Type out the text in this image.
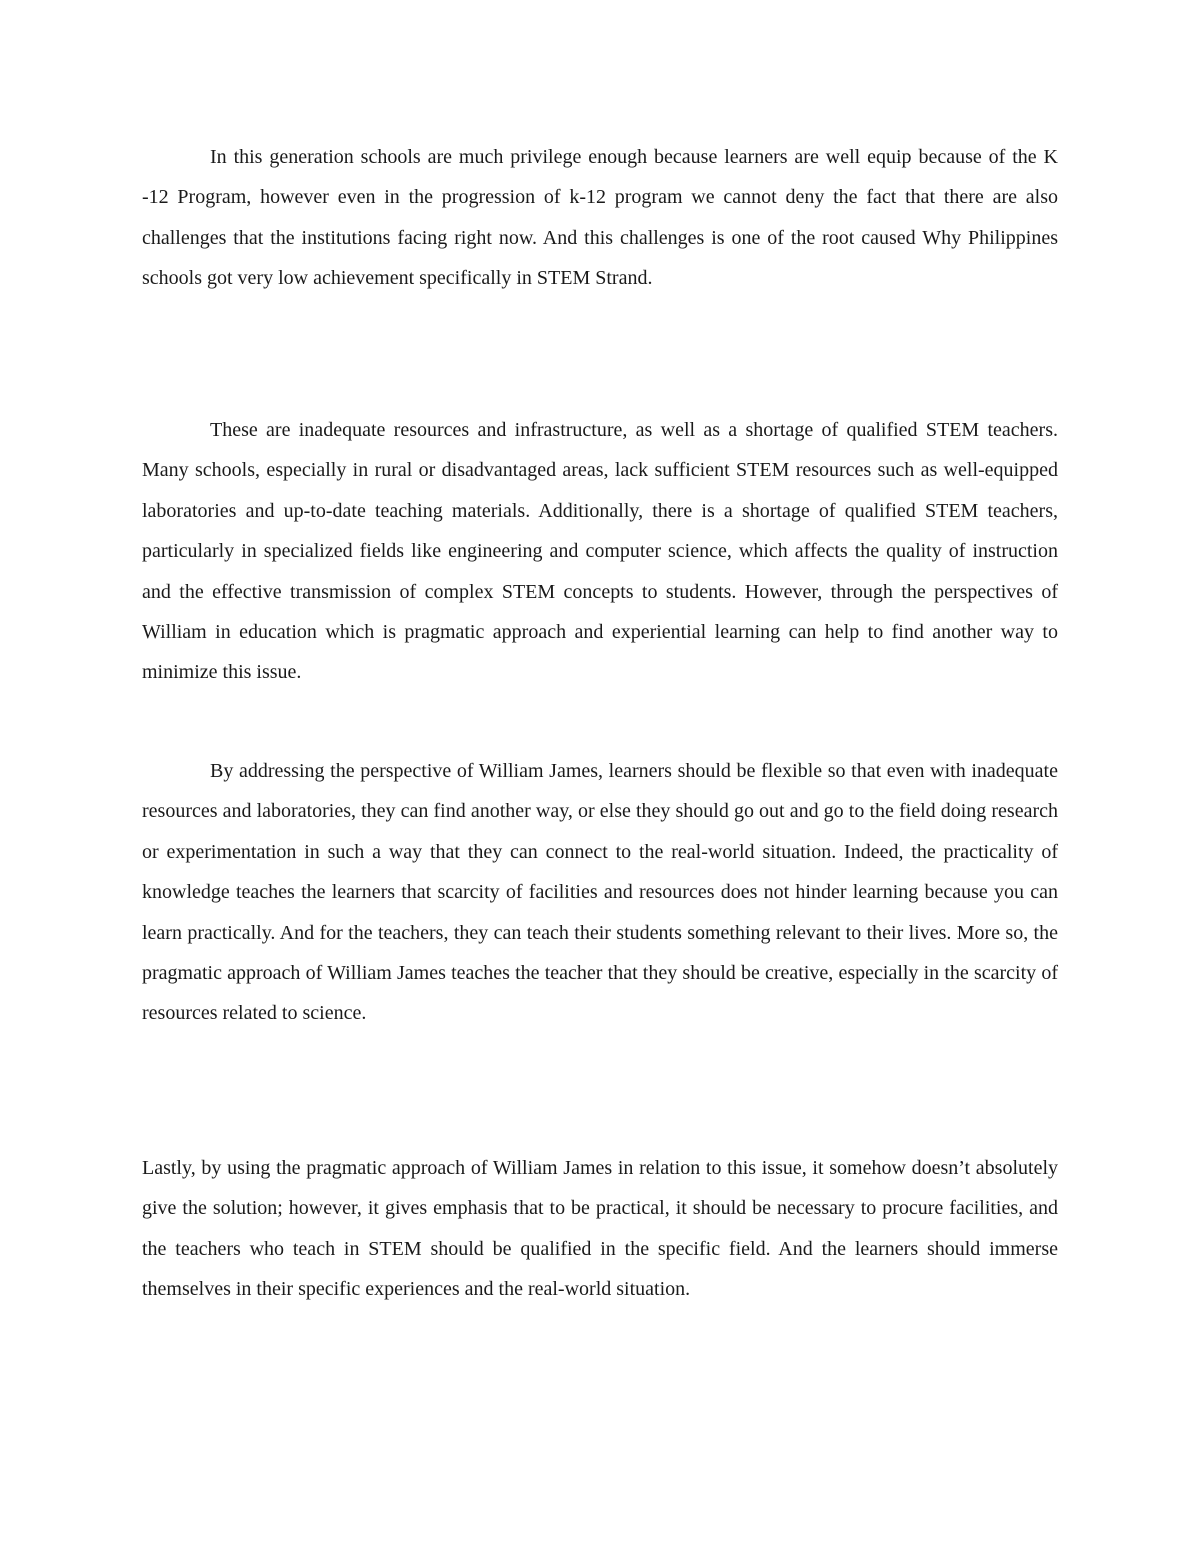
In this generation schools are much privilege enough because learners are well equip because of the K -12 Program, however even in the progression of k-12 program we cannot deny the fact that there are also challenges that the institutions facing right now. And this challenges is one of the root caused Why Philippines schools got very low achievement specifically in STEM Strand.

These are inadequate resources and infrastructure, as well as a shortage of qualified STEM teachers. Many schools, especially in rural or disadvantaged areas, lack sufficient STEM resources such as well-equipped laboratories and up-to-date teaching materials. Additionally, there is a shortage of qualified STEM teachers, particularly in specialized fields like engineering and computer science, which affects the quality of instruction and the effective transmission of complex STEM concepts to students. However, through the perspectives of William in education which is pragmatic approach and experiential learning can help to find another way to minimize this issue.

By addressing the perspective of William James, learners should be flexible so that even with inadequate resources and laboratories, they can find another way, or else they should go out and go to the field doing research or experimentation in such a way that they can connect to the real-world situation. Indeed, the practicality of knowledge teaches the learners that scarcity of facilities and resources does not hinder learning because you can learn practically. And for the teachers, they can teach their students something relevant to their lives. More so, the pragmatic approach of William James teaches the teacher that they should be creative, especially in the scarcity of resources related to science.

Lastly, by using the pragmatic approach of William James in relation to this issue, it somehow doesn’t absolutely give the solution; however, it gives emphasis that to be practical, it should be necessary to procure facilities, and the teachers who teach in STEM should be qualified in the specific field. And the learners should immerse themselves in their specific experiences and the real-world situation.
